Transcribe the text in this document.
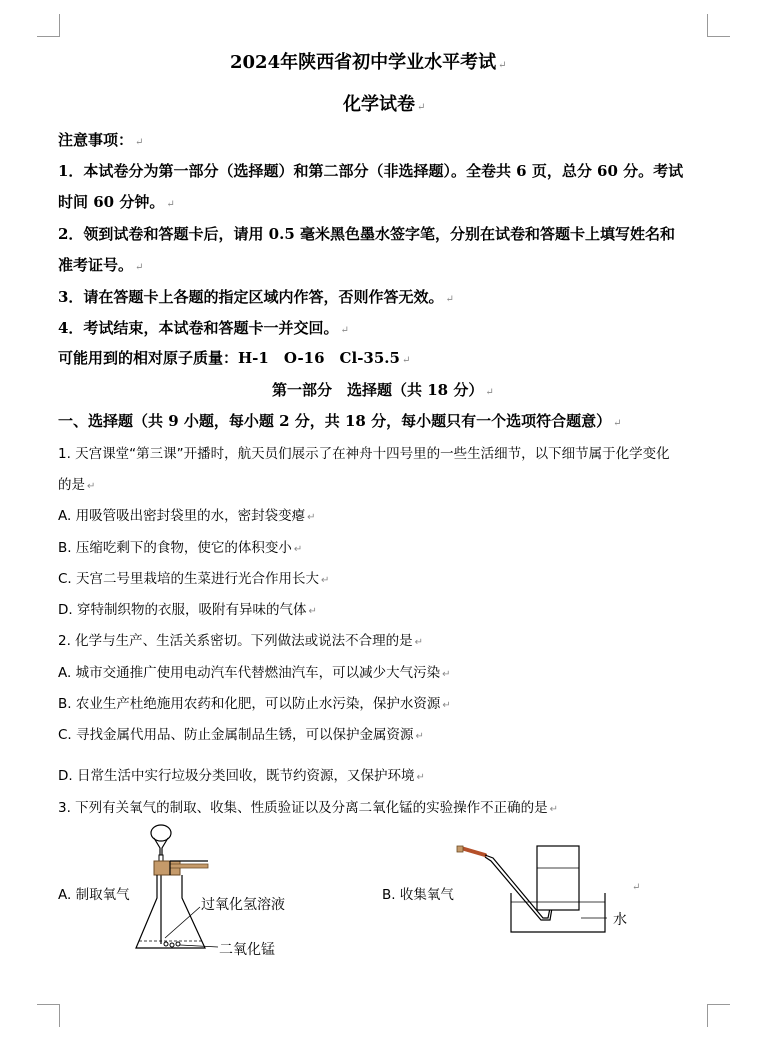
2024年陕西省初中学业水平考试 ↵
化学试卷 ↵
注意事项： ↵
1．本试卷分为第一部分（选择题）和第二部分（非选择题）。全卷共 6 页，总分 60 分。考试
时间 60 分钟。 ↵
2．领到试卷和答题卡后，请用 0.5 毫米黑色墨水签字笔，分别在试卷和答题卡上填写姓名和
准考证号。 ↵
3．请在答题卡上各题的指定区域内作答，否则作答无效。 ↵
4．考试结束，本试卷和答题卡一并交回。 ↵
可能用到的相对原子质量：H-1　O-16　Cl-35.5 ↵
第一部分　选择题（共 18 分） ↵
一、选择题（共 9 小题，每小题 2 分，共 18 分，每小题只有一个选项符合题意） ↵
1. 天宫课堂“第三课”开播时，航天员们展示了在神舟十四号里的一些生活细节，以下细节属于化学变化
的是 ↵
A. 用吸管吸出密封袋里的水，密封袋变瘪 ↵
B. 压缩吃剩下的食物，使它的体积变小 ↵
C. 天宫二号里栽培的生菜进行光合作用长大 ↵
D. 穿特制织物的衣服，吸附有异味的气体 ↵
2. 化学与生产、生活关系密切。下列做法或说法不合理的是 ↵
A. 城市交通推广使用电动汽车代替燃油汽车，可以减少大气污染 ↵
B. 农业生产杜绝施用农药和化肥，可以防止水污染，保护水资源 ↵
C. 寻找金属代用品、防止金属制品生锈，可以保护金属资源 ↵
D. 日常生活中实行垃圾分类回收，既节约资源，又保护环境 ↵
3. 下列有关氧气的制取、收集、性质验证以及分离二氧化锰的实验操作不正确的是 ↵
A. 制取氧气
过氧化氢溶液
二氧化锰
B. 收集氧气
水
↵
